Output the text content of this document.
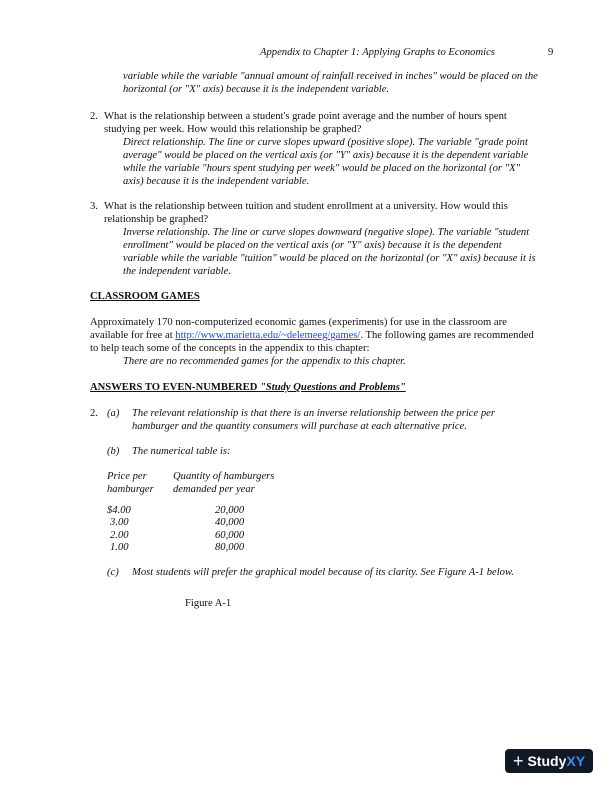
Appendix to Chapter 1: Applying Graphs to Economics	9
variable while the variable "annual amount of rainfall received in inches" would be placed on the
horizontal (or "X" axis) because it is the independent variable.
2. What is the relationship between a student's grade point average and the number of hours spent
studying per week. How would this relationship be graphed?
Direct relationship. The line or curve slopes upward (positive slope). The variable "grade point
average" would be placed on the vertical axis (or "Y" axis) because it is the dependent variable
while the variable "hours spent studying per week" would be placed on the horizontal (or "X"
axis) because it is the independent variable.
3. What is the relationship between tuition and student enrollment at a university. How would this
relationship be graphed?
Inverse relationship. The line or curve slopes downward (negative slope). The variable "student
enrollment" would be placed on the vertical axis (or "Y" axis) because it is the dependent
variable while the variable "tuition" would be placed on the horizontal (or "X" axis) because it is
the independent variable.
CLASSROOM GAMES
Approximately 170 non-computerized economic games (experiments) for use in the classroom are
available for free at http://www.marietta.edu/~delemeeg/games/. The following games are recommended
to help teach some of the concepts in the appendix to this chapter:
There are no recommended games for the appendix to this chapter.
ANSWERS TO EVEN-NUMBERED "Study Questions and Problems"
2. (a) The relevant relationship is that there is an inverse relationship between the price per
hamburger and the quantity consumers will purchase at each alternative price.
(b) The numerical table is:
Price per
hamburger
Quantity of hamburgers
demanded per year
$4.00	20,000
3.00	40,000
2.00	60,000
1.00	80,000
(c) Most students will prefer the graphical model because of its clarity. See Figure A-1 below.
Figure A-1
+ StudyXY
